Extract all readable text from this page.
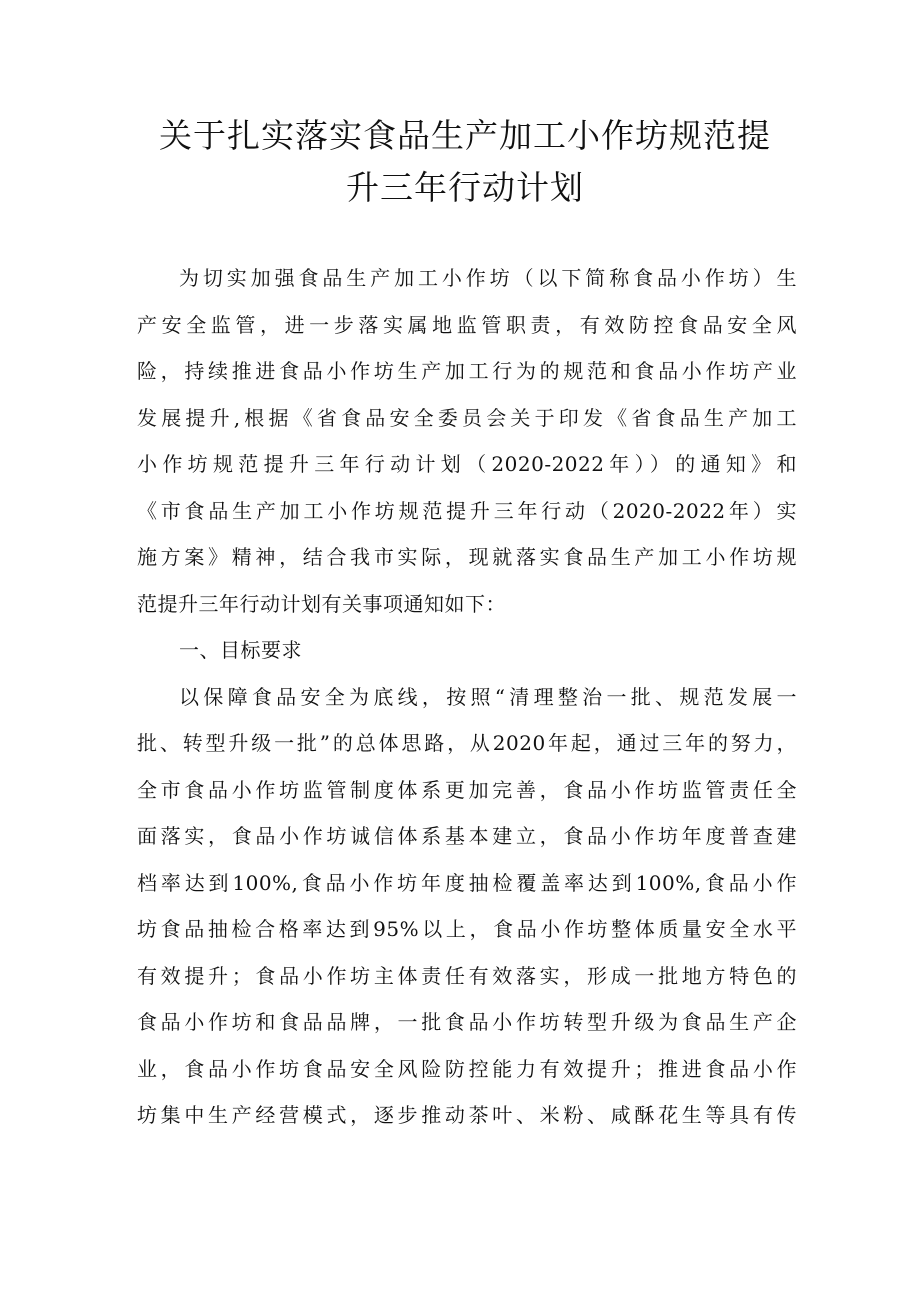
关于扎实落实食品生产加工小作坊规范提
升三年行动计划
为切实加强食品生产加工小作坊（以下简称食品小作坊）生
产安全监管，进一步落实属地监管职责，有效防控食品安全风
险，持续推进食品小作坊生产加工行为的规范和食品小作坊产业
发展提升,根据《省食品安全委员会关于印发《省食品生产加工
小作坊规范提升三年行动计划（2020-2022年））的通知》和
《市食品生产加工小作坊规范提升三年行动（2020-2022年）实
施方案》精神，结合我市实际，现就落实食品生产加工小作坊规
范提升三年行动计划有关事项通知如下：
一、目标要求
以保障食品安全为底线，按照“清理整治一批、规范发展一
批、转型升级一批”的总体思路，从2020年起，通过三年的努力，
全市食品小作坊监管制度体系更加完善，食品小作坊监管责任全
面落实，食品小作坊诚信体系基本建立，食品小作坊年度普查建
档率达到100%,食品小作坊年度抽检覆盖率达到100%,食品小作
坊食品抽检合格率达到95%以上，食品小作坊整体质量安全水平
有效提升；食品小作坊主体责任有效落实，形成一批地方特色的
食品小作坊和食品品牌，一批食品小作坊转型升级为食品生产企
业，食品小作坊食品安全风险防控能力有效提升；推进食品小作
坊集中生产经营模式，逐步推动茶叶、米粉、咸酥花生等具有传
